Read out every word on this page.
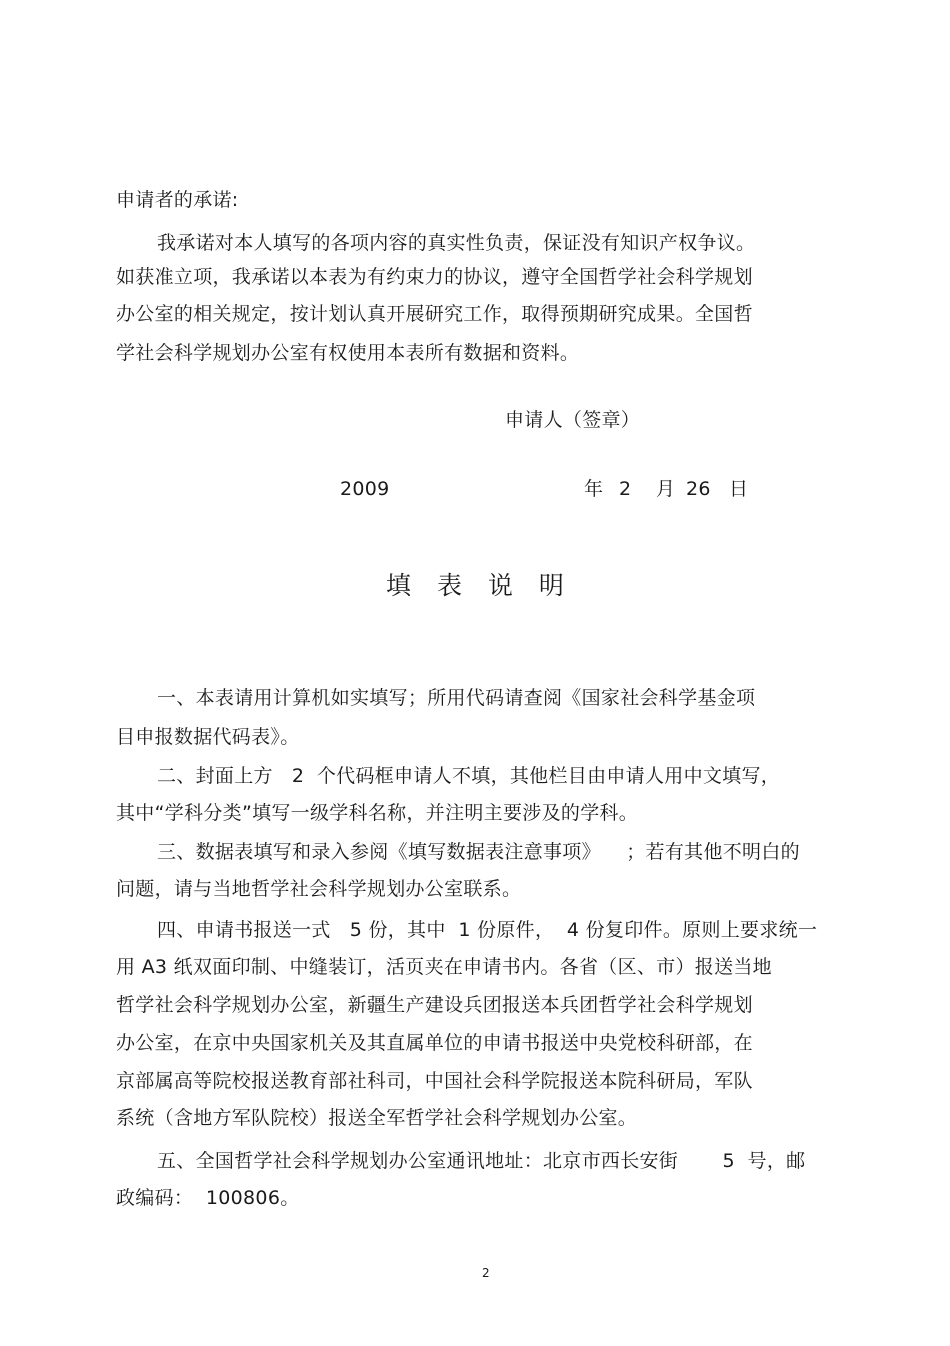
申请者的承诺:
我承诺对本人填写的各项内容的真实性负责，保证没有知识产权争议。
如获准立项，我承诺以本表为有约束力的协议，遵守全国哲学社会科学规划
办公室的相关规定，按计划认真开展研究工作，取得预期研究成果。全国哲
学社会科学规划办公室有权使用本表所有数据和资料。
申请人（签章）
2009	年 2 月 26 日
填 表 说 明
一、本表请用计算机如实填写；所用代码请查阅《国家社会科学基金项
目申报数据代码表》。
二、封面上方   2  个代码框申请人不填，其他栏目由申请人用中文填写，
其中“学科分类”填写一级学科名称，并注明主要涉及的学科。
三、数据表填写和录入参阅《填写数据表注意事项》    ；若有其他不明白的
问题，请与当地哲学社会科学规划办公室联系。
四、申请书报送一式   5 份，其中  1 份原件，  4 份复印件。原则上要求统一
用 A3 纸双面印制、中缝装订，活页夹在申请书内。各省（区、市）报送当地
哲学社会科学规划办公室，新疆生产建设兵团报送本兵团哲学社会科学规划
办公室，在京中央国家机关及其直属单位的申请书报送中央党校科研部，在
京部属高等院校报送教育部社科司，中国社会科学院报送本院科研局，军队
系统（含地方军队院校）报送全军哲学社会科学规划办公室。
五、全国哲学社会科学规划办公室通讯地址：北京市西长安街       5  号，邮
政编码：  100806。
2
